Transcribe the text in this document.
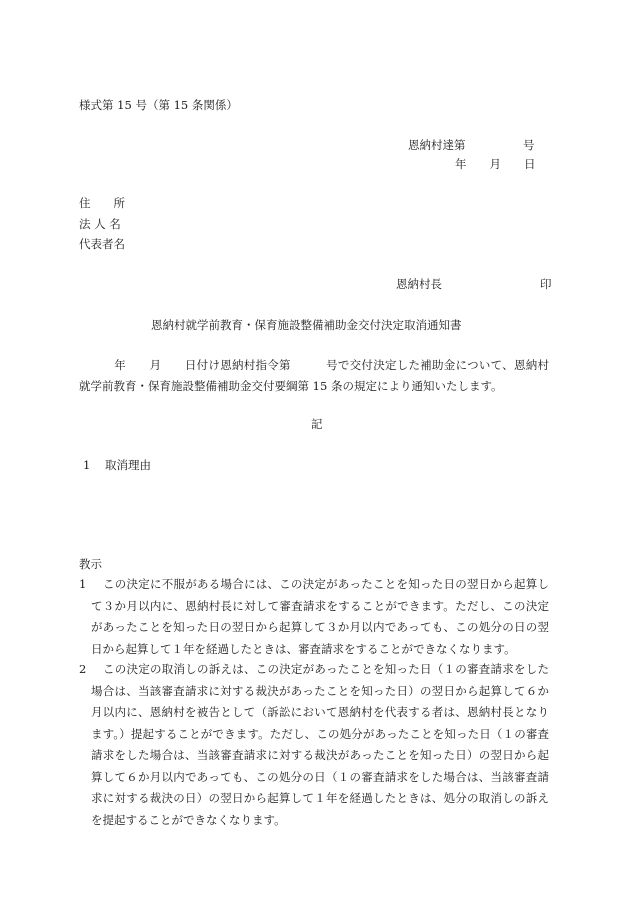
様式第 15 号（第 15 条関係）
恩納村達第　　　　　号
年　　月　　日
住　　所
法 人 名
代表者名
恩納村長	印
恩納村就学前教育・保育施設整備補助金交付決定取消通知書
　　　年　　月　　日付け恩納村指令第　　　号で交付決定した補助金について、恩納村就学前教育・保育施設整備補助金交付要綱第 15 条の規定により通知いたします。
記
1 取消理由
教示
1	この決定に不服がある場合には、この決定があったことを知った日の翌日から起算して３か月以内に、恩納村長に対して審査請求をすることができます。ただし、この決定があったことを知った日の翌日から起算して３か月以内であっても、この処分の日の翌日から起算して１年を経過したときは、審査請求をすることができなくなります。
2	この決定の取消しの訴えは、この決定があったことを知った日（１の審査請求をした場合は、当該審査請求に対する裁決があったことを知った日）の翌日から起算して６か月以内に、恩納村を被告として（訴訟において恩納村を代表する者は、恩納村長となります。）提起することができます。ただし、この処分があったことを知った日（１の審査請求をした場合は、当該審査請求に対する裁決があったことを知った日）の翌日から起算して６か月以内であっても、この処分の日（１の審査請求をした場合は、当該審査請求に対する裁決の日）の翌日から起算して１年を経過したときは、処分の取消しの訴えを提起することができなくなります。
